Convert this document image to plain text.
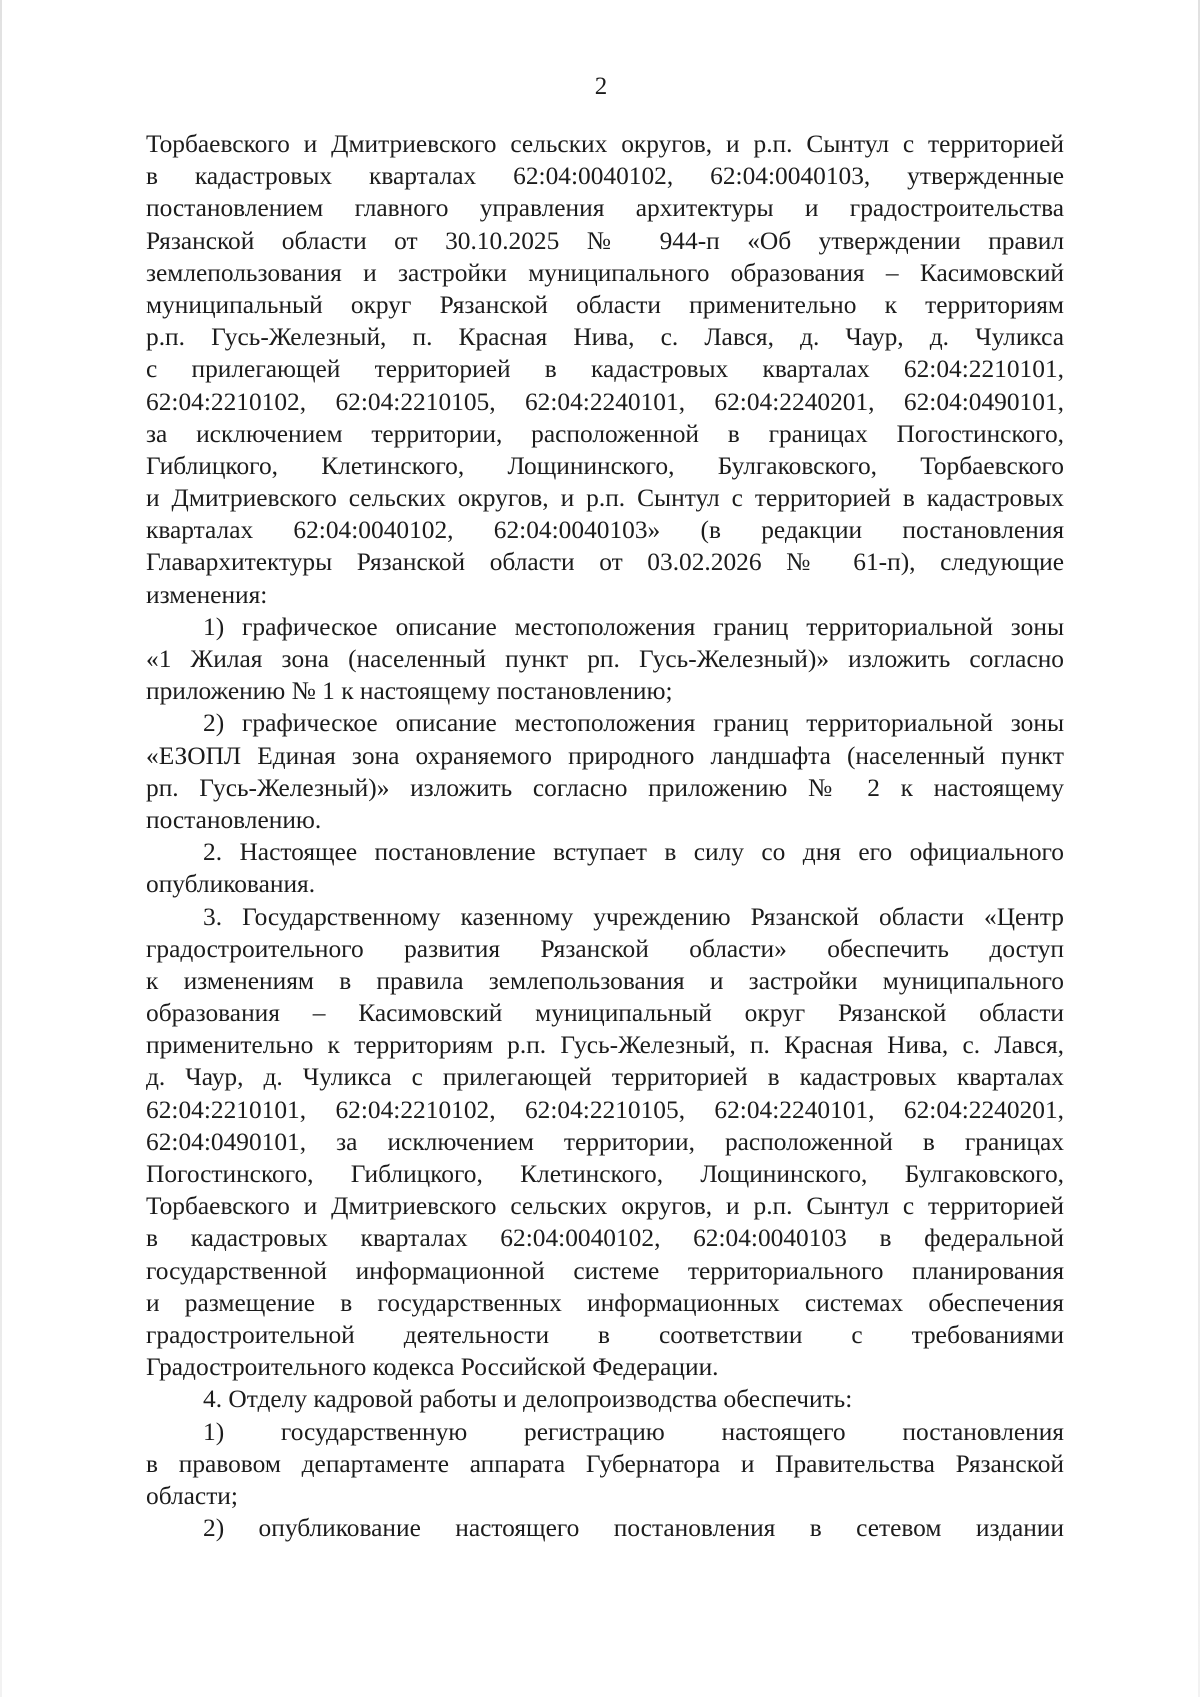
2
Торбаевского и Дмитриевского сельских округов, и р.п. Сынтул с территорией
в кадастровых кварталах 62:04:0040102, 62:04:0040103, утвержденные
постановлением главного управления архитектуры и градостроительства
Рязанской области от 30.10.2025 № 944-п «Об утверждении правил
землепользования и застройки муниципального образования – Касимовский
муниципальный округ Рязанской области применительно к территориям
р.п. Гусь-Железный, п. Красная Нива, с. Лався, д. Чаур, д. Чуликса
с прилегающей территорией в кадастровых кварталах 62:04:2210101,
62:04:2210102, 62:04:2210105, 62:04:2240101, 62:04:2240201, 62:04:0490101,
за исключением территории, расположенной в границах Погостинского,
Гиблицкого, Клетинского, Лощининского, Булгаковского, Торбаевского
и Дмитриевского сельских округов, и р.п. Сынтул с территорией в кадастровых
кварталах 62:04:0040102, 62:04:0040103» (в редакции постановления
Главархитектуры Рязанской области от 03.02.2026 № 61-п), следующие
изменения:
1) графическое описание местоположения границ территориальной зоны
«1 Жилая зона (населенный пункт рп. Гусь-Железный)» изложить согласно
приложению № 1 к настоящему постановлению;
2) графическое описание местоположения границ территориальной зоны
«ЕЗОПЛ Единая зона охраняемого природного ландшафта (населенный пункт
рп. Гусь-Железный)» изложить согласно приложению № 2 к настоящему
постановлению.
2. Настоящее постановление вступает в силу со дня его официального
опубликования.
3. Государственному казенному учреждению Рязанской области «Центр
градостроительного развития Рязанской области» обеспечить доступ
к изменениям в правила землепользования и застройки муниципального
образования – Касимовский муниципальный округ Рязанской области
применительно к территориям р.п. Гусь-Железный, п. Красная Нива, с. Лався,
д. Чаур, д. Чуликса с прилегающей территорией в кадастровых кварталах
62:04:2210101, 62:04:2210102, 62:04:2210105, 62:04:2240101, 62:04:2240201,
62:04:0490101, за исключением территории, расположенной в границах
Погостинского, Гиблицкого, Клетинского, Лощининского, Булгаковского,
Торбаевского и Дмитриевского сельских округов, и р.п. Сынтул с территорией
в кадастровых кварталах 62:04:0040102, 62:04:0040103 в федеральной
государственной информационной системе территориального планирования
и размещение в государственных информационных системах обеспечения
градостроительной деятельности в соответствии с требованиями
Градостроительного кодекса Российской Федерации.
4. Отделу кадровой работы и делопроизводства обеспечить:
1) государственную регистрацию настоящего постановления
в правовом департаменте аппарата Губернатора и Правительства Рязанской
области;
2) опубликование настоящего постановления в сетевом издании
